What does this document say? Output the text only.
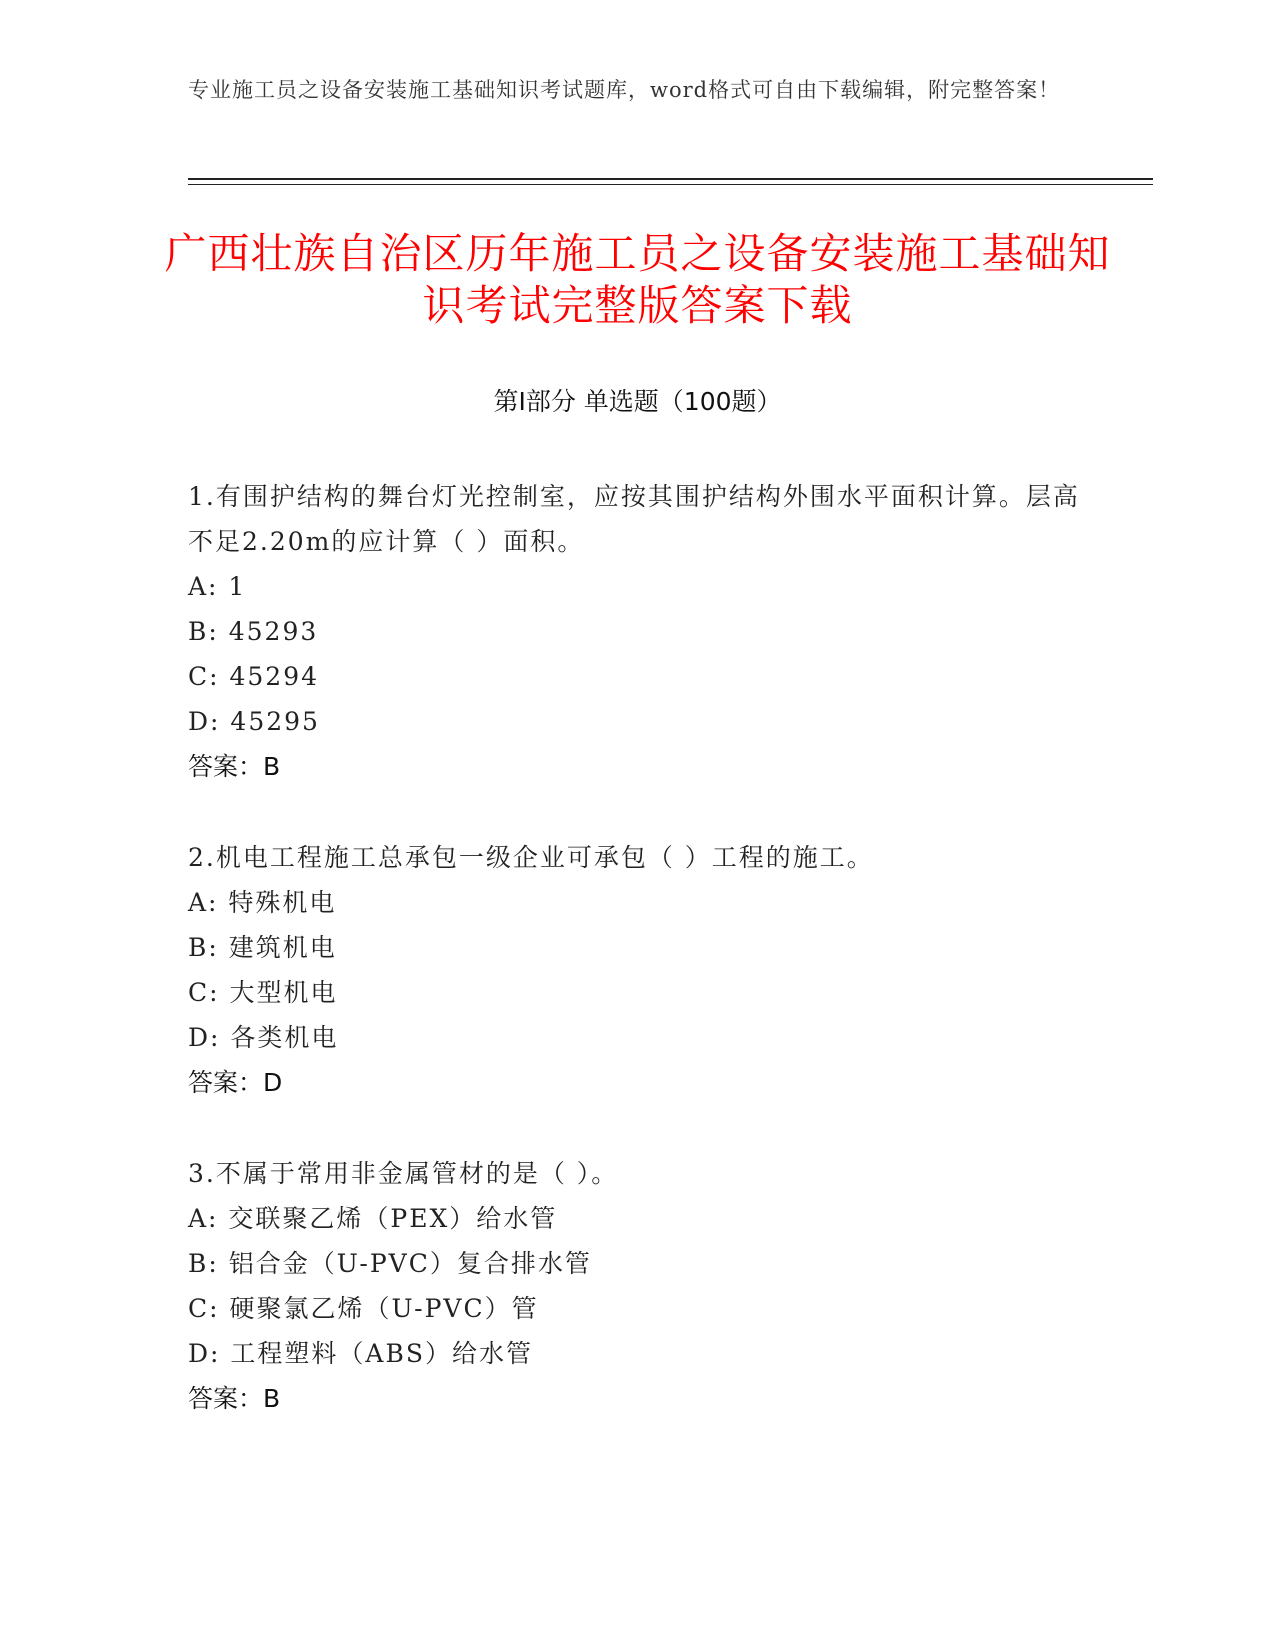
专业施工员之设备安装施工基础知识考试题库，word格式可自由下载编辑，附完整答案！
广西壮族自治区历年施工员之设备安装施工基础知识考试完整版答案下载
第I部分 单选题（100题）

1.有围护结构的舞台灯光控制室，应按其围护结构外围水平面积计算。层高不足2.20m的应计算（ ）面积。

A: 1
B: 45293
C: 45294
D: 45295
答案：B

2.机电工程施工总承包一级企业可承包（ ）工程的施工。

A: 特殊机电
B: 建筑机电
C: 大型机电
D: 各类机电
答案：D

3.不属于常用非金属管材的是（ ）。

A: 交联聚乙烯（PEX）给水管
B: 铝合金（U-PVC）复合排水管
C: 硬聚氯乙烯（U-PVC）管
D: 工程塑料（ABS）给水管
答案：B
